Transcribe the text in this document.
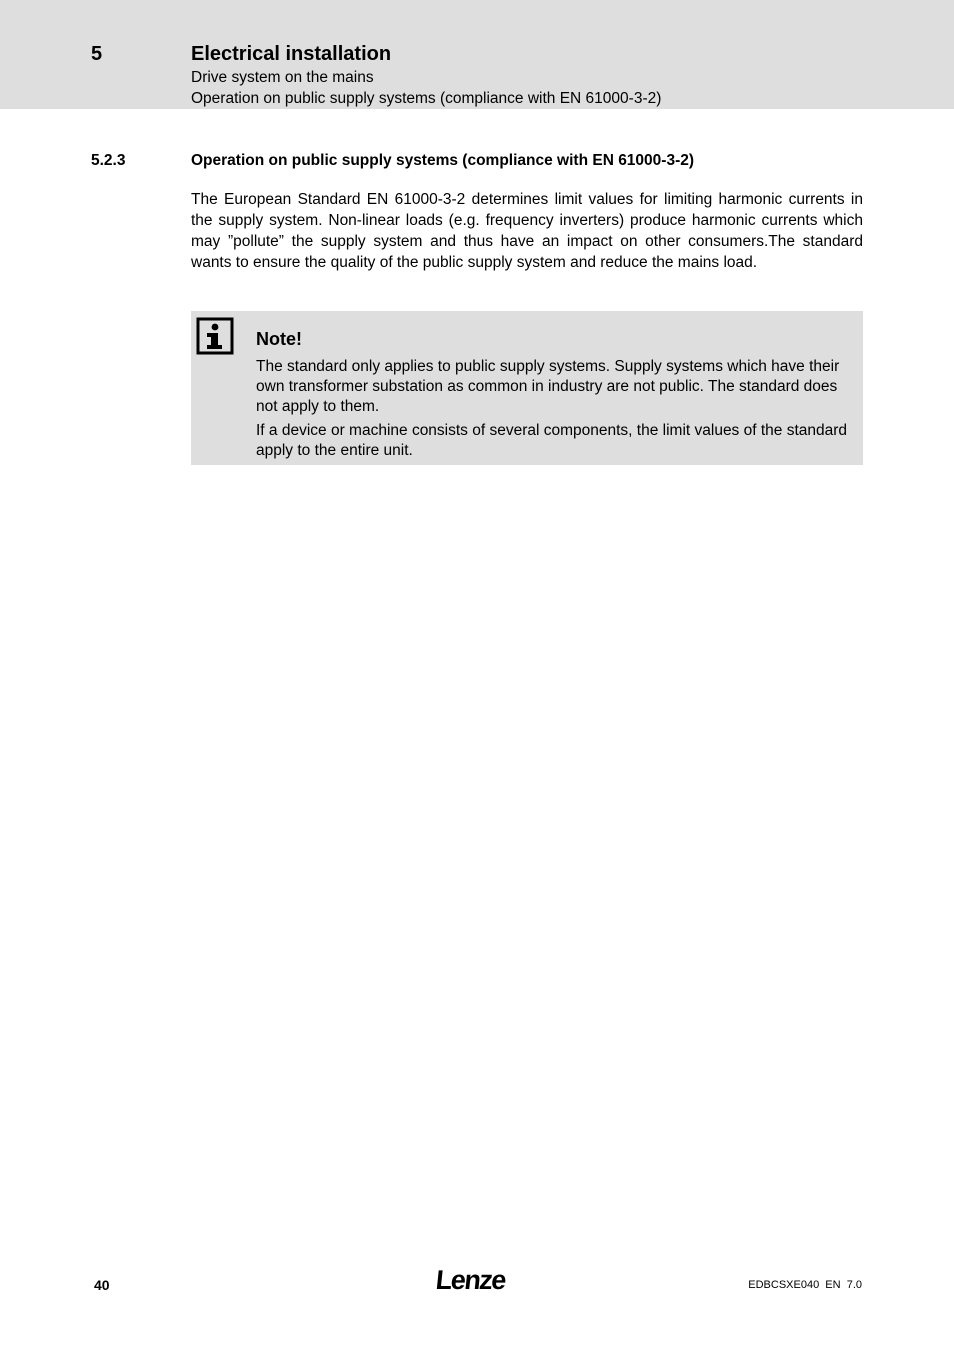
5	Electrical installation
Drive system on the mains
Operation on public supply systems (compliance with EN 61000-3-2)
5.2.3	Operation on public supply systems (compliance with EN 61000-3-2)

The European Standard EN 61000-3-2 determines limit values for limiting harmonic currents in the supply system. Non-linear loads (e.g. frequency inverters) produce harmonic currents which may ”pollute” the supply system and thus have an impact on other consumers.The standard wants to ensure the quality of the public supply system and reduce the mains load.

Note!

The standard only applies to public supply systems. Supply systems which have their own transformer substation as common in industry are not public. The standard does not apply to them.

If a device or machine consists of several components, the limit values of the standard apply to the entire unit.

40	Lenze	EDBCSXE040  EN  7.0
